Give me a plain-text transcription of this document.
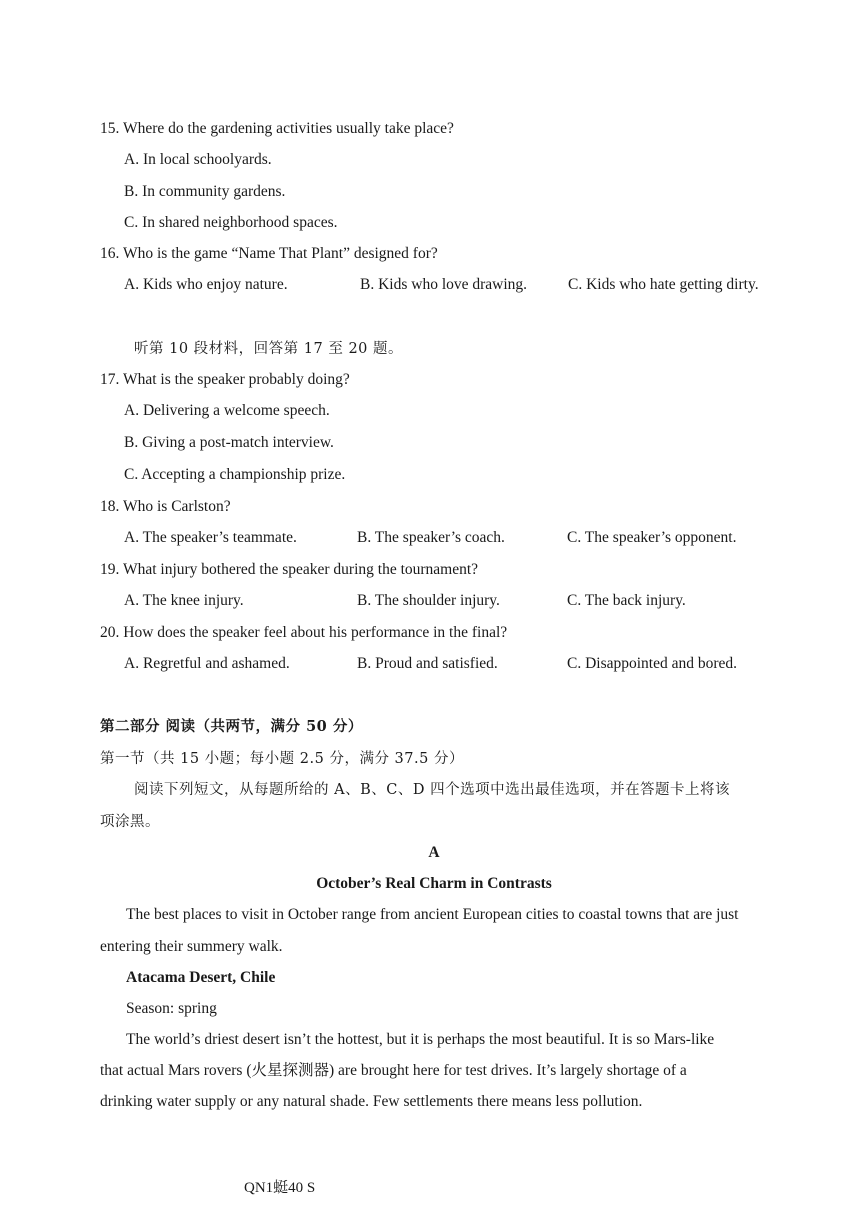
15. Where do the gardening activities usually take place?
A. In local schoolyards.
B. In community gardens.
C. In shared neighborhood spaces.
16. Who is the game “Name That Plant” designed for?
A. Kids who enjoy nature.	B. Kids who love drawing.	C. Kids who hate getting dirty.
听第 10 段材料，回答第 17 至 20 题。
17. What is the speaker probably doing?
A. Delivering a welcome speech.
B. Giving a post-match interview.
C. Accepting a championship prize.
18. Who is Carlston?
A. The speaker’s teammate.	B. The speaker’s coach.	C. The speaker’s opponent.
19. What injury bothered the speaker during the tournament?
A. The knee injury.	B. The shoulder injury.	C. The back injury.
20. How does the speaker feel about his performance in the final?
A. Regretful and ashamed.	B. Proud and satisfied.	C. Disappointed and bored.
第二部分 阅读（共两节，满分 50 分）
第一节（共 15 小题；每小题 2.5 分，满分 37.5 分）
阅读下列短文，从每题所给的 A、B、C、D 四个选项中选出最佳选项，并在答题卡上将该
项涂黑。
A
October’s Real Charm in Contrasts
The best places to visit in October range from ancient European cities to coastal towns that are just
entering their summery walk.
Atacama Desert, Chile
Season: spring
The world’s driest desert isn’t the hottest, but it is perhaps the most beautiful. It is so Mars-like
that actual Mars rovers (火星探测器) are brought here for test drives. It’s largely shortage of a
drinking water supply or any natural shade. Few settlements there means less pollution.
QN1蜓40 S
